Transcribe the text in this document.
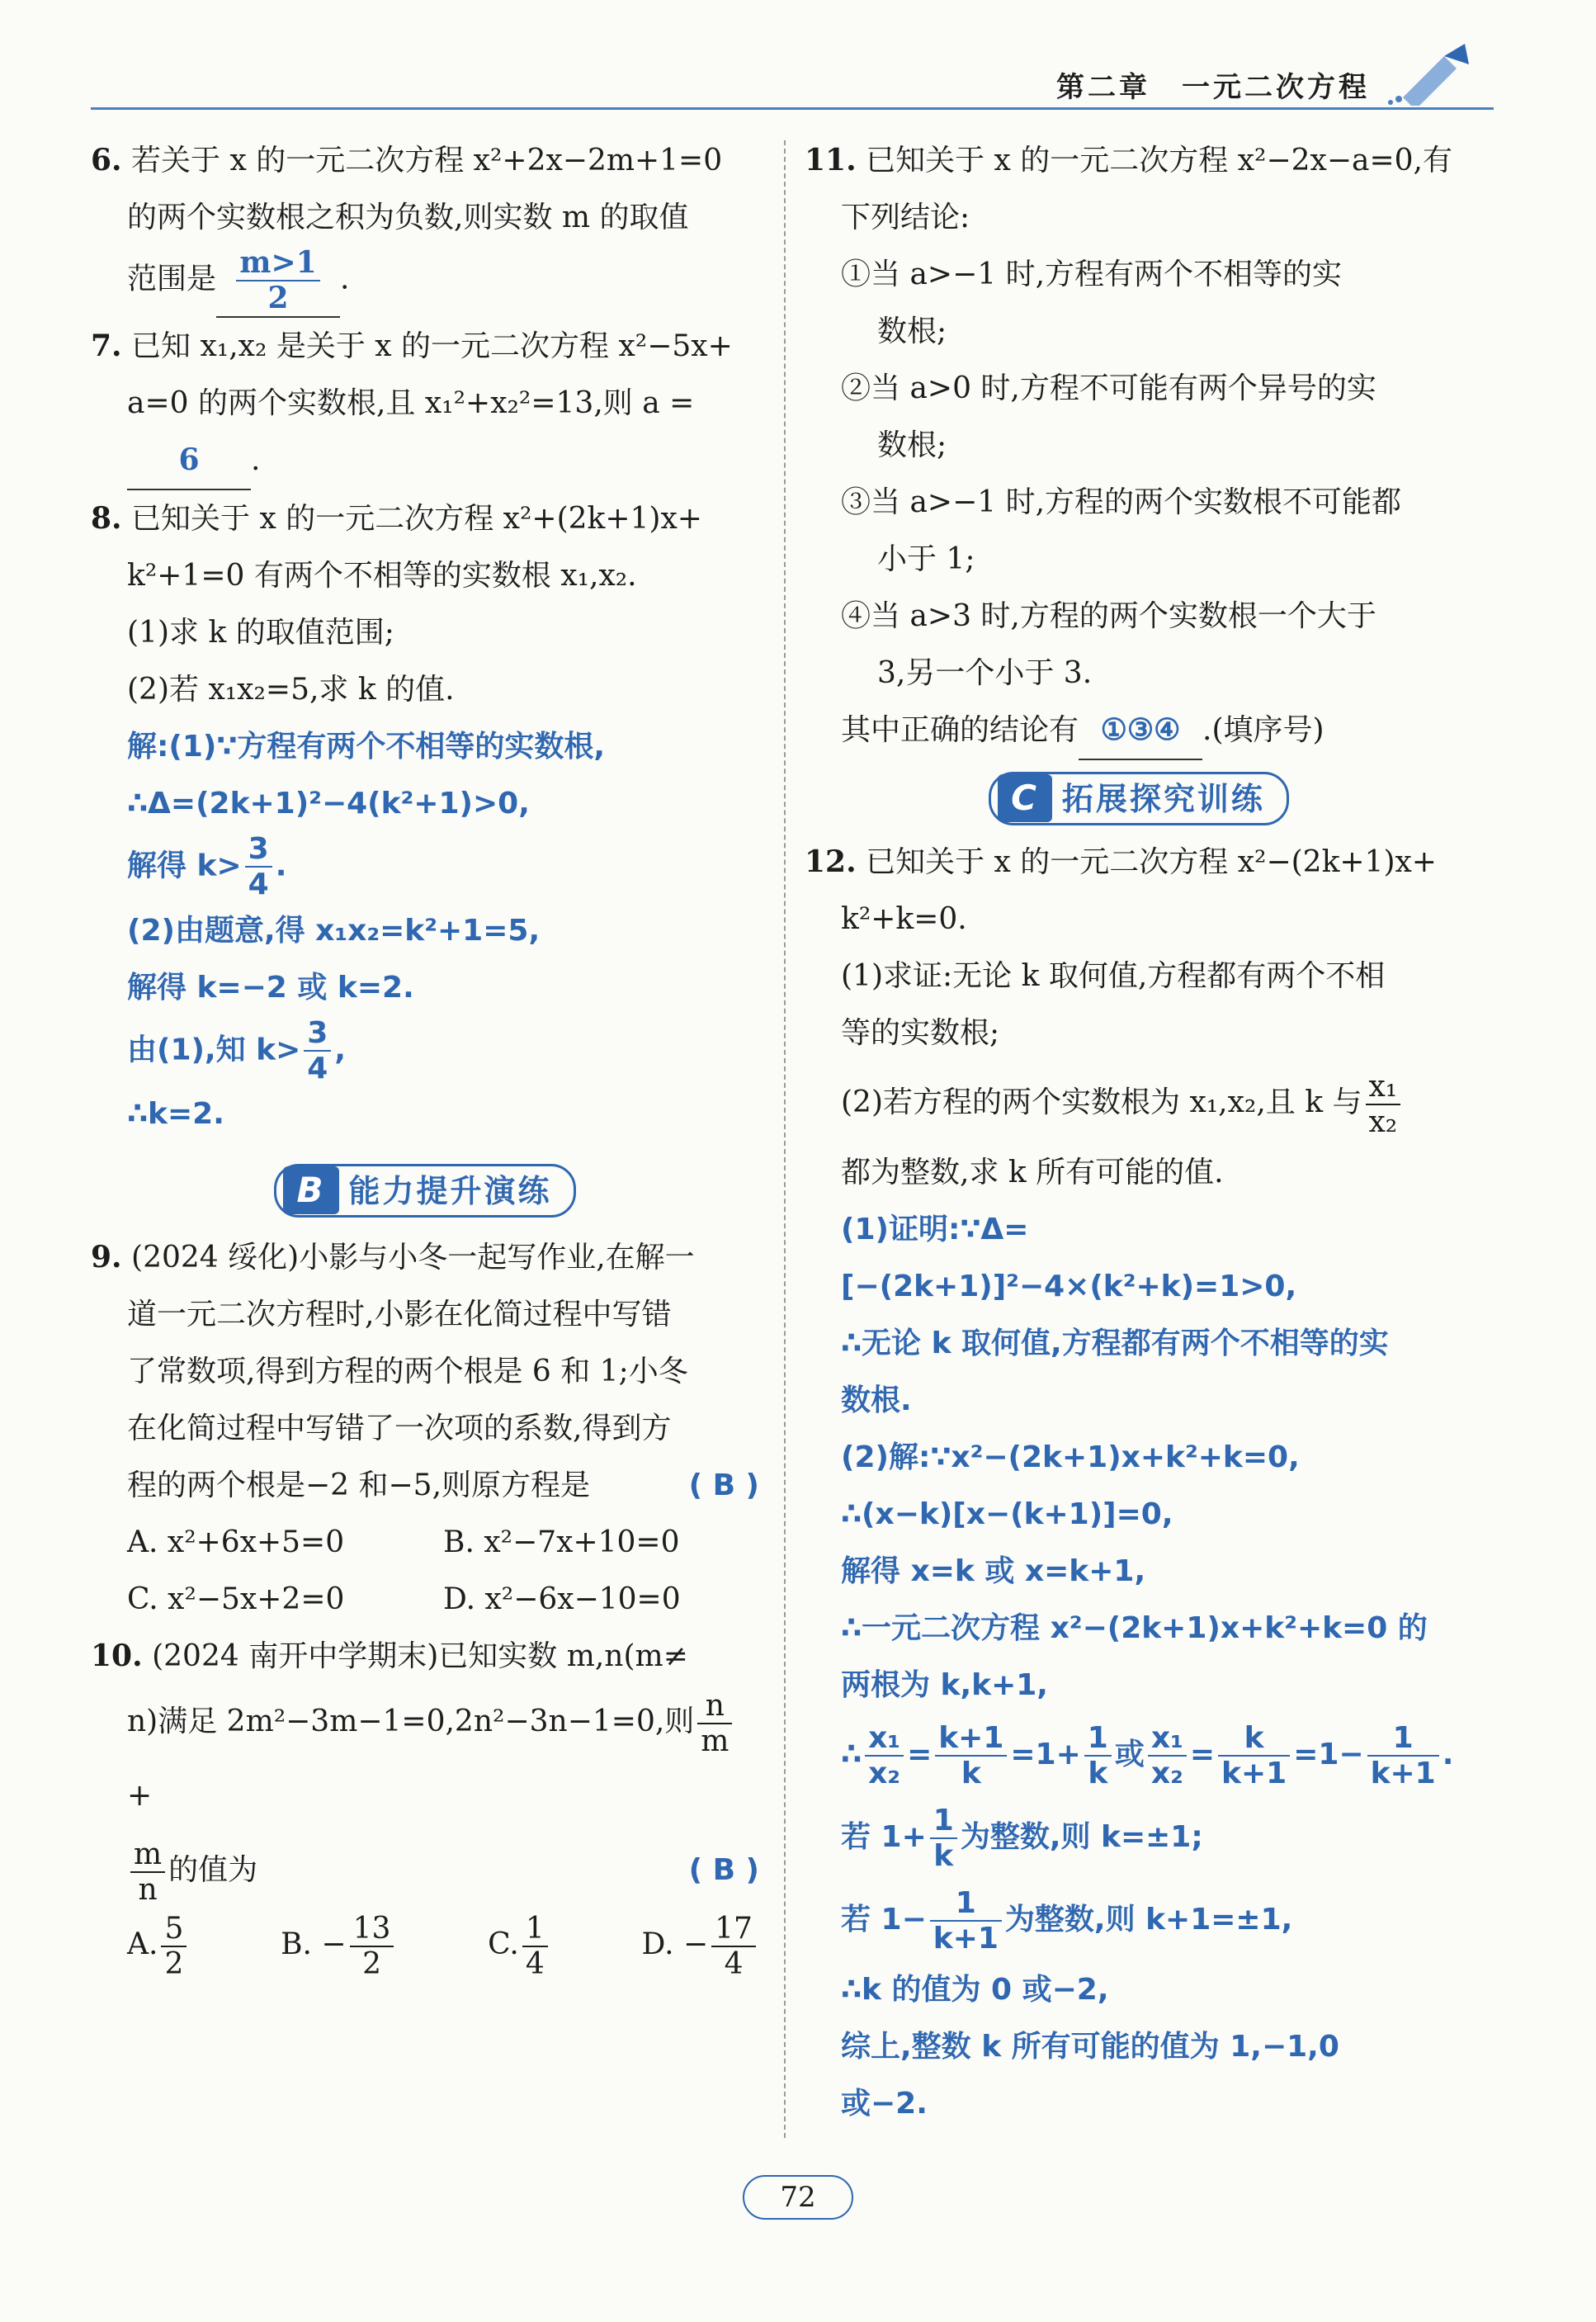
第二章　一元二次方程
6. 若关于 x 的一元二次方程 x²+2x−2m+1=0
的两个实数根之积为负数,则实数 m 的取值
范围是 $\frac{m>1}{2}$ .
7. 已知 x₁,x₂ 是关于 x 的一元二次方程 x²−5x+
a=0 的两个实数根,且 x₁²+x₂²=13,则 a =
6 .
8. 已知关于 x 的一元二次方程 x²+(2k+1)x+
k²+1=0 有两个不相等的实数根 x₁,x₂.
(1)求 k 的取值范围;
(2)若 x₁x₂=5,求 k 的值.
解:(1)∵方程有两个不相等的实数根,
∴Δ=(2k+1)²−4(k²+1)>0,
解得 $k> \frac{3}{4}$ .
(2)由题意,得 x₁x₂=k²+1=5,
解得 k=−2 或 k=2.
由(1),知 $k> \frac{3}{4}$ ,
∴k=2.
B 能力提升演练
9. (2024 绥化)小影与小冬一起写作业,在解一
道一元二次方程时,小影在化简过程中写错
了常数项,得到方程的两个根是 6 和 1;小冬
在化简过程中写错了一次项的系数,得到方
程的两个根是−2 和−5,则原方程是	( B )
A. x²+6x+5=0	B. x²−7x+10=0
C. x²−5x+2=0	D. x²−6x−10=0
10. (2024 南开中学期末)已知实数 m,n(m≠
n)满足 2m²−3m−1=0,2n²−3n−1=0,则 $\frac{n}{m}$
+
$\frac{m}{n}$ 的值为	( B )
A. $\frac{5}{2}$	B. − $\frac{13}{2}$	C. $\frac{1}{4}$	D. − $\frac{17}{4}$
11. 已知关于 x 的一元二次方程 x²−2x−a=0,有
下列结论:
①当 a>−1 时,方程有两个不相等的实
数根;
②当 a>0 时,方程不可能有两个异号的实
数根;
③当 a>−1 时,方程的两个实数根不可能都
小于 1;
④当 a>3 时,方程的两个实数根一个大于
3,另一个小于 3.
其中正确的结论有 ①③④ .(填序号)
C 拓展探究训练
12. 已知关于 x 的一元二次方程 x²−(2k+1)x+
k²+k=0.
(1)求证:无论 k 取何值,方程都有两个不相
等的实数根;
(2)若方程的两个实数根为 x₁,x₂,且 k 与 $\frac{\text{x₁}}{\text{x₂}}$
都为整数,求 k 所有可能的值.
(1)证明:∵Δ=[−(2k+1)]²−4×(k²+k)=1>0,
∴无论 k 取何值,方程都有两个不相等的实
数根.
(2)解:∵x²−(2k+1)x+k²+k=0,
∴(x−k)[x−(k+1)]=0,
解得 x=k 或 x=k+1,
∴一元二次方程 x²−(2k+1)x+k²+k=0 的
两根为 k,k+1,
∴ $\frac{\text{x₁}}{\text{x₂}} = \frac{k+1}{k} =1+ \frac{1}{k}$ 或 $\frac{\text{x₁}}{\text{x₂}} = \frac{k}{k+1} =1- \frac{1}{k+1}$ .
若 $1+ \frac{1}{k}$ 为整数,则 k=±1;
若 $1- \frac{1}{k+1}$ 为整数,则 k+1=±1,
∴k 的值为 0 或−2,
综上,整数 k 所有可能的值为 1,−1,0
或−2.
72
